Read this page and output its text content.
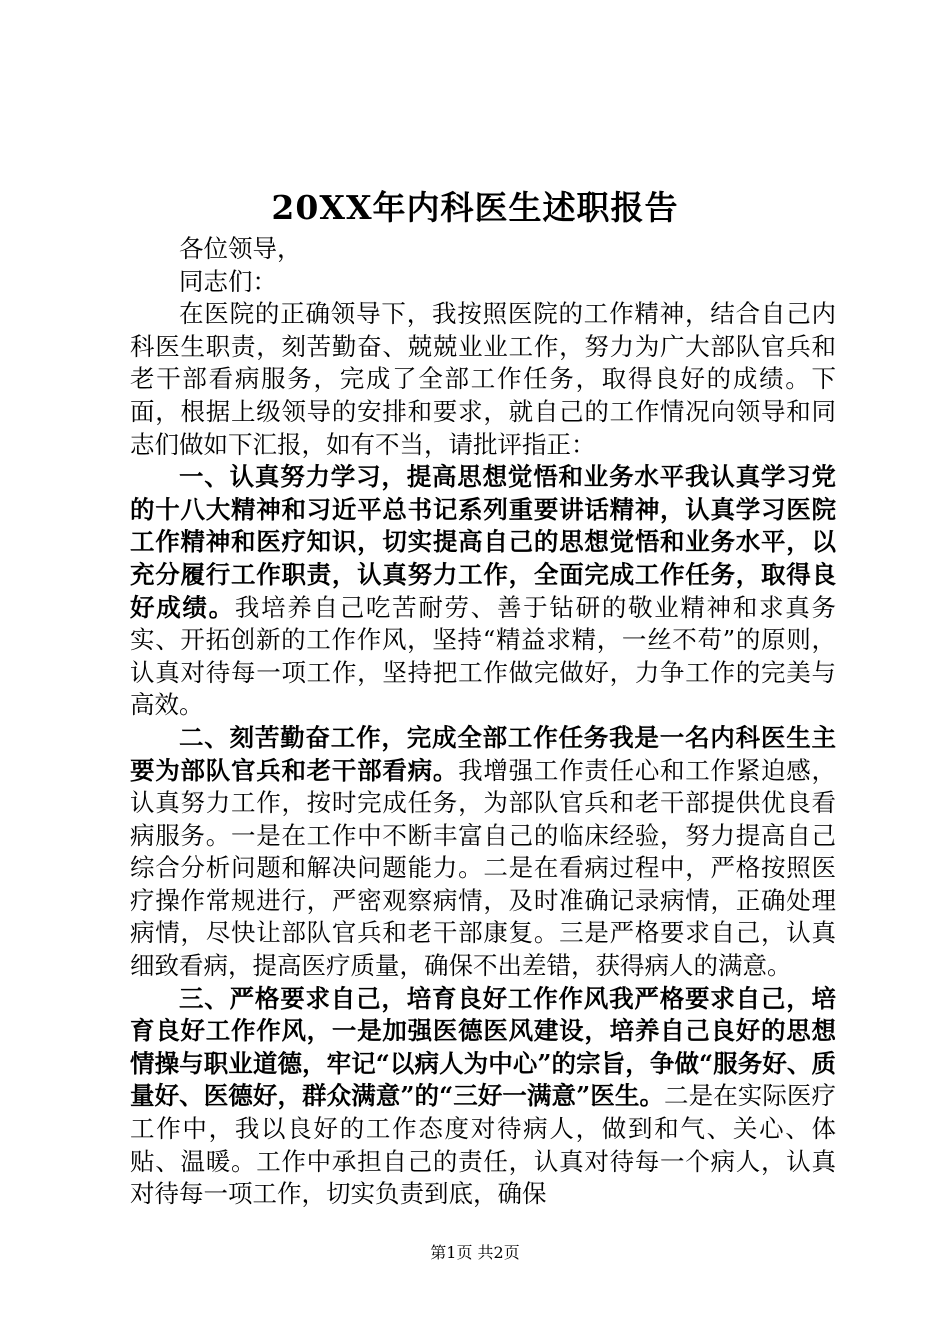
20XX年内科医生述职报告

各位领导，

同志们：

在医院的正确领导下，我按照医院的工作精神，结合自己内科医生职责，刻苦勤奋、兢兢业业工作，努力为广大部队官兵和老干部看病服务，完成了全部工作任务，取得良好的成绩。下面，根据上级领导的安排和要求，就自己的工作情况向领导和同志们做如下汇报，如有不当，请批评指正：

一、认真努力学习，提高思想觉悟和业务水平我认真学习党的十八大精神和习近平总书记系列重要讲话精神，认真学习医院工作精神和医疗知识，切实提高自己的思想觉悟和业务水平，以充分履行工作职责，认真努力工作，全面完成工作任务，取得良好成绩。我培养自己吃苦耐劳、善于钻研的敬业精神和求真务实、开拓创新的工作作风，坚持“精益求精，一丝不苟”的原则，认真对待每一项工作，坚持把工作做完做好，力争工作的完美与高效。

二、刻苦勤奋工作，完成全部工作任务我是一名内科医生主要为部队官兵和老干部看病。我增强工作责任心和工作紧迫感，认真努力工作，按时完成任务，为部队官兵和老干部提供优良看病服务。一是在工作中不断丰富自己的临床经验，努力提高自己综合分析问题和解决问题能力。二是在看病过程中，严格按照医疗操作常规进行，严密观察病情，及时准确记录病情，正确处理病情，尽快让部队官兵和老干部康复。三是严格要求自己，认真细致看病，提高医疗质量，确保不出差错，获得病人的满意。

三、严格要求自己，培育良好工作作风我严格要求自己，培育良好工作作风，一是加强医德医风建设，培养自己良好的思想情操与职业道德，牢记“以病人为中心”的宗旨，争做“服务好、质量好、医德好，群众满意”的“三好一满意”医生。二是在实际医疗工作中，我以良好的工作态度对待病人，做到和气、关心、体贴、温暖。工作中承担自己的责任，认真对待每一个病人，认真对待每一项工作，切实负责到底，确保

第1页 共2页
